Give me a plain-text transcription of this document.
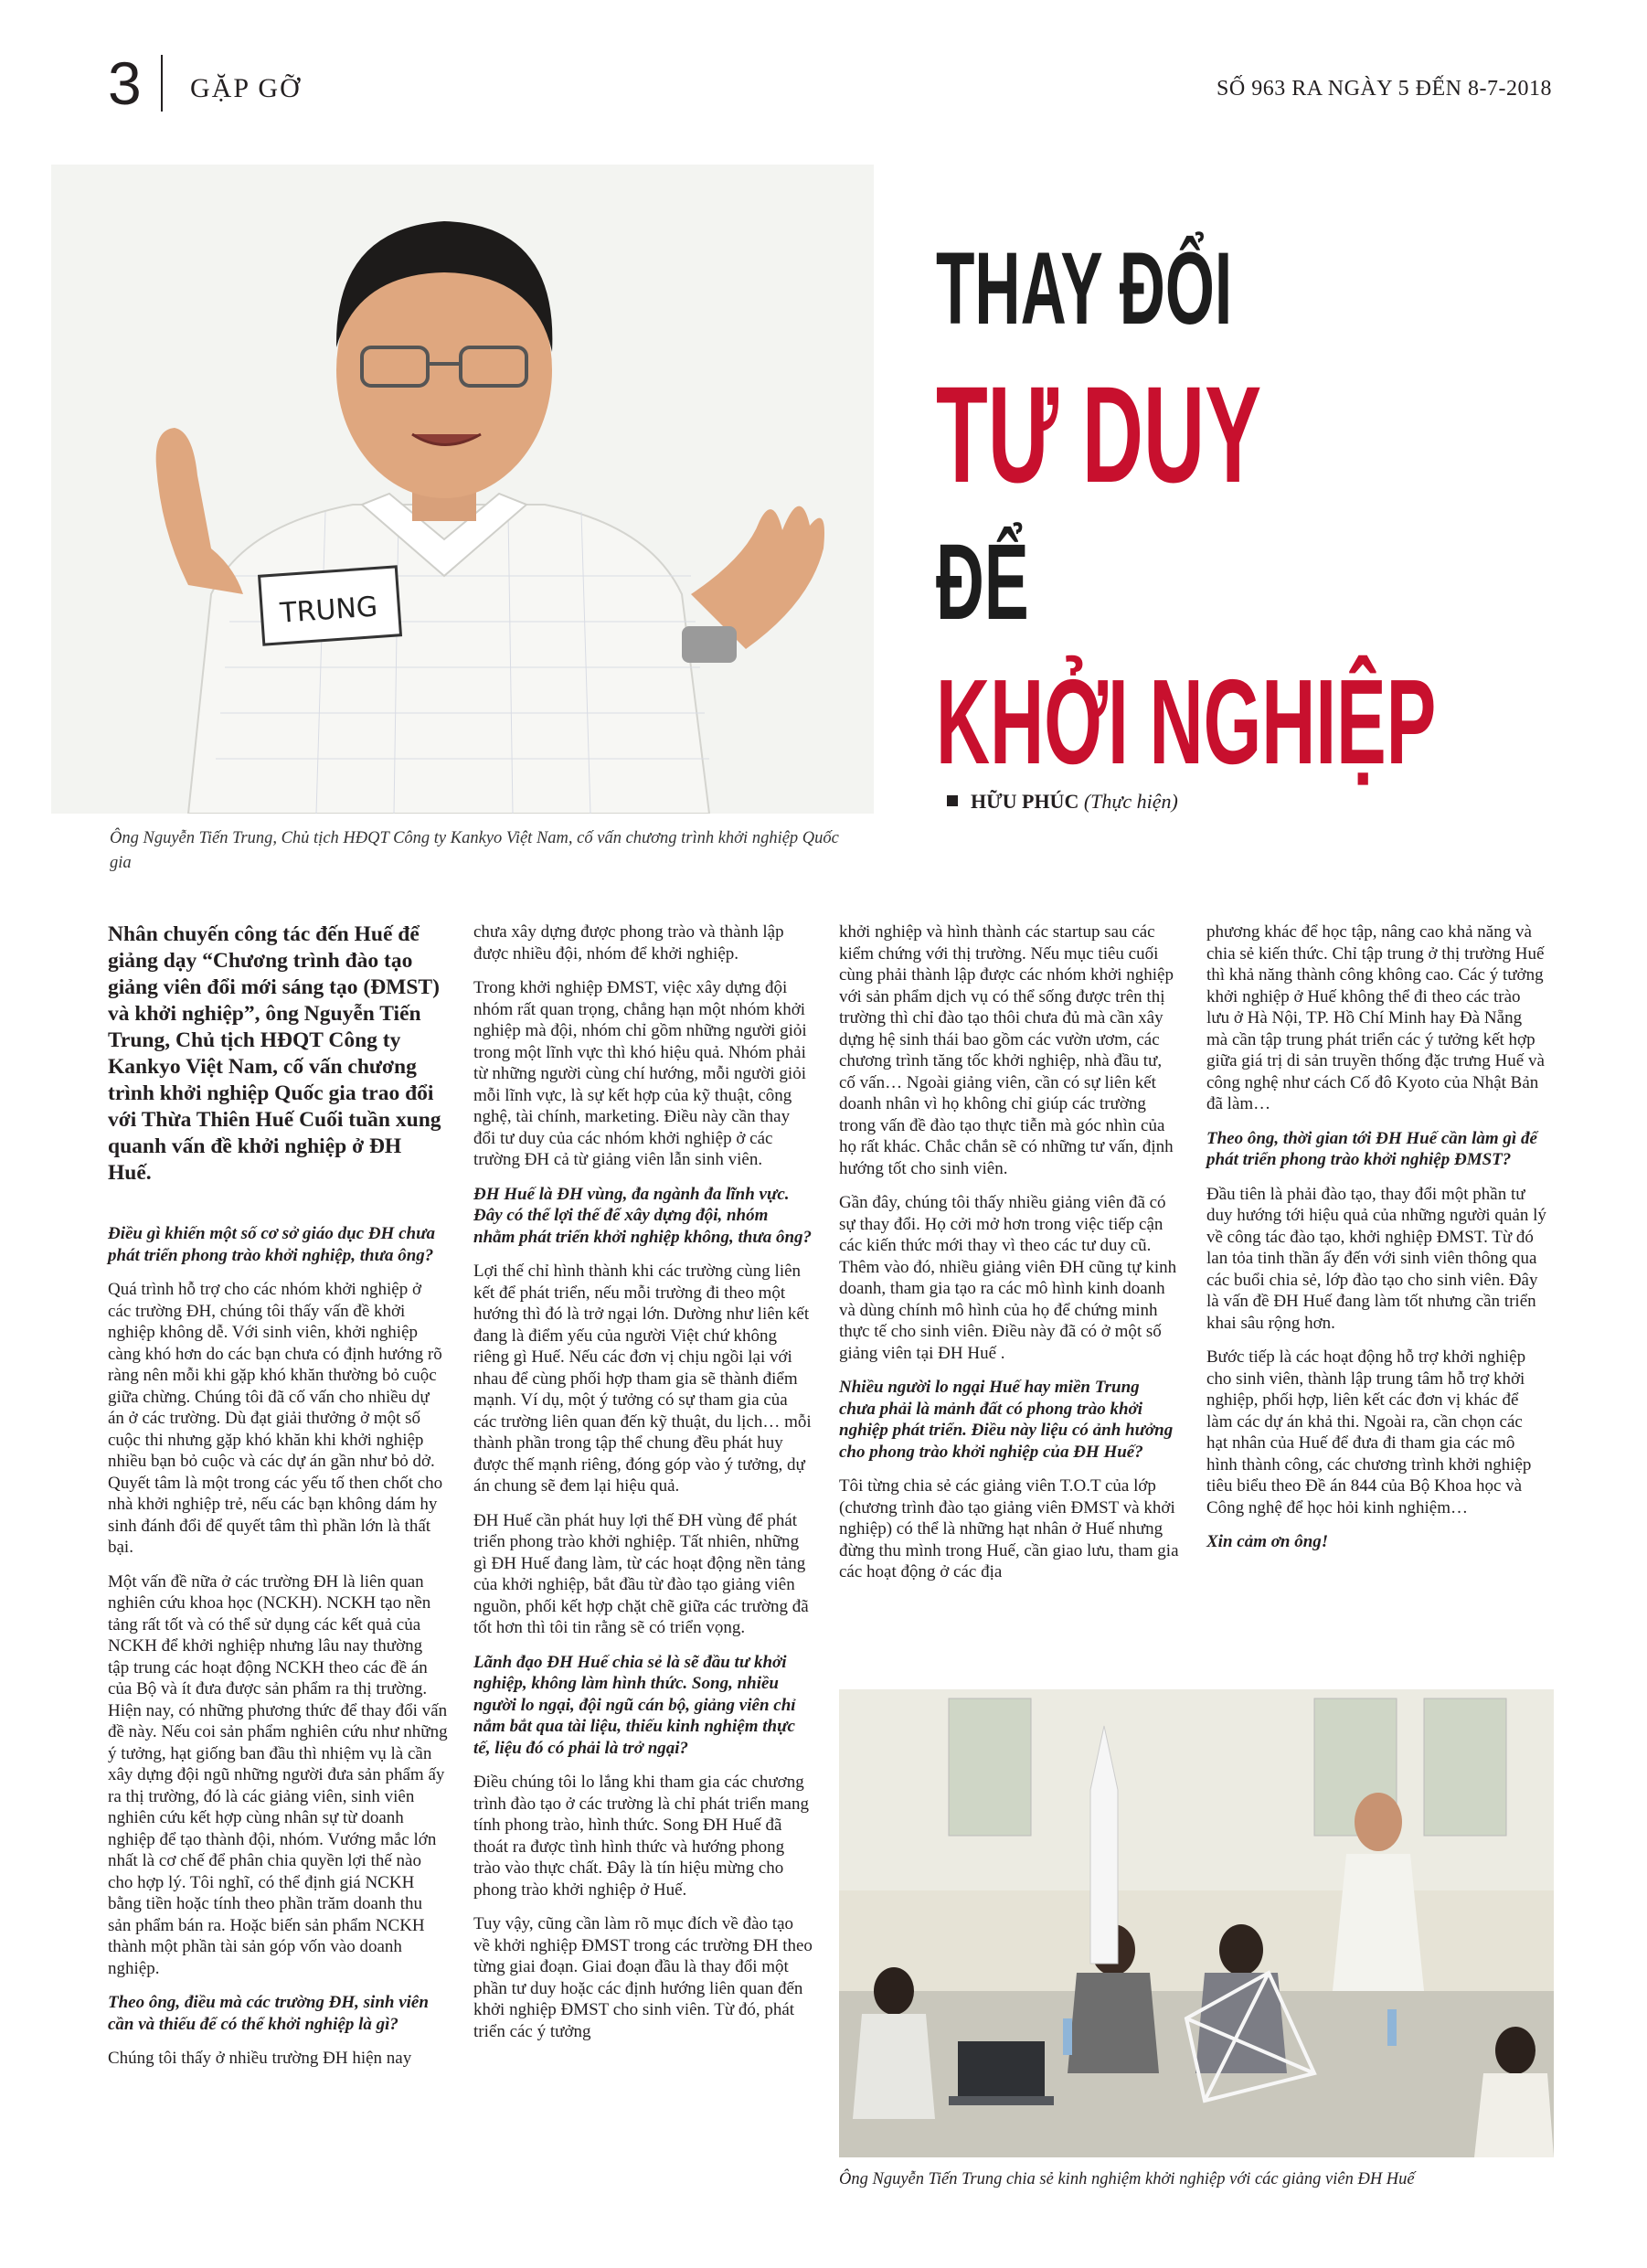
3 GẶP GỠ	SỐ 963 RA NGÀY 5 ĐẾN 8-7-2018
TRUNG
Ông Nguyễn Tiến Trung, Chủ tịch HĐQT Công ty Kankyo Việt Nam, cố vấn chương trình khởi nghiệp Quốc gia
THAY ĐỔI
TƯ DUY
ĐỂ
KHỞI NGHIỆP
HỮU PHÚC (Thực hiện)

Nhân chuyến công tác đến Huế để giảng dạy “Chương trình đào tạo giảng viên đổi mới sáng tạo (ĐMST) và khởi nghiệp”, ông Nguyễn Tiến Trung, Chủ tịch HĐQT Công ty Kankyo Việt Nam, cố vấn chương trình khởi nghiệp Quốc gia trao đổi với Thừa Thiên Huế Cuối tuần xung quanh vấn đề khởi nghiệp ở ĐH Huế.

Điều gì khiến một số cơ sở giáo dục ĐH chưa phát triển phong trào khởi nghiệp, thưa ông?

Quá trình hỗ trợ cho các nhóm khởi nghiệp ở các trường ĐH, chúng tôi thấy vấn đề khởi nghiệp không dễ. Với sinh viên, khởi nghiệp càng khó hơn do các bạn chưa có định hướng rõ ràng nên mỗi khi gặp khó khăn thường bỏ cuộc giữa chừng. Chúng tôi đã cố vấn cho nhiều dự án ở các trường. Dù đạt giải thưởng ở một số cuộc thi nhưng gặp khó khăn khi khởi nghiệp nhiều bạn bỏ cuộc và các dự án gần như bỏ dở. Quyết tâm là một trong các yếu tố then chốt cho nhà khởi nghiệp trẻ, nếu các bạn không dám hy sinh đánh đổi để quyết tâm thì phần lớn là thất bại.

Một vấn đề nữa ở các trường ĐH là liên quan nghiên cứu khoa học (NCKH). NCKH tạo nền tảng rất tốt và có thể sử dụng các kết quả của NCKH để khởi nghiệp nhưng lâu nay thường tập trung các hoạt động NCKH theo các đề án của Bộ và ít đưa được sản phẩm ra thị trường. Hiện nay, có những phương thức để thay đổi vấn đề này. Nếu coi sản phẩm nghiên cứu như những ý tưởng, hạt giống ban đầu thì nhiệm vụ là cần xây dựng đội ngũ những người đưa sản phẩm ấy ra thị trường, đó là các giảng viên, sinh viên nghiên cứu kết hợp cùng nhân sự từ doanh nghiệp để tạo thành đội, nhóm. Vướng mắc lớn nhất là cơ chế để phân chia quyền lợi thế nào cho hợp lý. Tôi nghĩ, có thể định giá NCKH bằng tiền hoặc tính theo phần trăm doanh thu sản phẩm bán ra. Hoặc biến sản phẩm NCKH thành một phần tài sản góp vốn vào doanh nghiệp.

Theo ông, điều mà các trường ĐH, sinh viên cần và thiếu để có thể khởi nghiệp là gì?

Chúng tôi thấy ở nhiều trường ĐH hiện nay

chưa xây dựng được phong trào và thành lập được nhiều đội, nhóm để khởi nghiệp.

Trong khởi nghiệp ĐMST, việc xây dựng đội nhóm rất quan trọng, chẳng hạn một nhóm khởi nghiệp mà đội, nhóm chỉ gồm những người giỏi trong một lĩnh vực thì khó hiệu quả. Nhóm phải từ những người cùng chí hướng, mỗi người giỏi mỗi lĩnh vực, là sự kết hợp của kỹ thuật, công nghệ, tài chính, marketing. Điều này cần thay đổi tư duy của các nhóm khởi nghiệp ở các trường ĐH cả từ giảng viên lẫn sinh viên.

ĐH Huế là ĐH vùng, đa ngành đa lĩnh vực. Đây có thể lợi thế để xây dựng đội, nhóm nhằm phát triển khởi nghiệp không, thưa ông?

Lợi thế chỉ hình thành khi các trường cùng liên kết để phát triển, nếu mỗi trường đi theo một hướng thì đó là trở ngại lớn. Dường như liên kết đang là điểm yếu của người Việt chứ không riêng gì Huế. Nếu các đơn vị chịu ngồi lại với nhau để cùng phối hợp tham gia sẽ thành điểm mạnh. Ví dụ, một ý tưởng có sự tham gia của các trường liên quan đến kỹ thuật, du lịch… mỗi thành phần trong tập thể chung đều phát huy được thế mạnh riêng, đóng góp vào ý tưởng, dự án chung sẽ đem lại hiệu quả.

ĐH Huế cần phát huy lợi thế ĐH vùng để phát triển phong trào khởi nghiệp. Tất nhiên, những gì ĐH Huế đang làm, từ các hoạt động nền tảng của khởi nghiệp, bắt đầu từ đào tạo giảng viên nguồn, phối kết hợp chặt chẽ giữa các trường đã tốt hơn thì tôi tin rằng sẽ có triển vọng.

Lãnh đạo ĐH Huế chia sẻ là sẽ đầu tư khởi nghiệp, không làm hình thức. Song, nhiều người lo ngại, đội ngũ cán bộ, giảng viên chỉ nắm bắt qua tài liệu, thiếu kinh nghiệm thực tế, liệu đó có phải là trở ngại?

Điều chúng tôi lo lắng khi tham gia các chương trình đào tạo ở các trường là chỉ phát triển mang tính phong trào, hình thức. Song ĐH Huế đã thoát ra được tình hình thức và hướng phong trào vào thực chất. Đây là tín hiệu mừng cho phong trào khởi nghiệp ở Huế.

Tuy vậy, cũng cần làm rõ mục đích về đào tạo về khởi nghiệp ĐMST trong các trường ĐH theo từng giai đoạn. Giai đoạn đầu là thay đổi một phần tư duy hoặc các định hướng liên quan đến khởi nghiệp ĐMST cho sinh viên. Từ đó, phát triển các ý tưởng

khởi nghiệp và hình thành các startup sau các kiểm chứng với thị trường. Nếu mục tiêu cuối cùng phải thành lập được các nhóm khởi nghiệp với sản phẩm dịch vụ có thể sống được trên thị trường thì chỉ đào tạo thôi chưa đủ mà cần xây dựng hệ sinh thái bao gồm các vườn ươm, các chương trình tăng tốc khởi nghiệp, nhà đầu tư, cố vấn… Ngoài giảng viên, cần có sự liên kết doanh nhân vì họ không chỉ giúp các trường trong vấn đề đào tạo thực tiễn mà góc nhìn của họ rất khác. Chắc chắn sẽ có những tư vấn, định hướng tốt cho sinh viên.

Gần đây, chúng tôi thấy nhiều giảng viên đã có sự thay đổi. Họ cởi mở hơn trong việc tiếp cận các kiến thức mới thay vì theo các tư duy cũ. Thêm vào đó, nhiều giảng viên ĐH cũng tự kinh doanh, tham gia tạo ra các mô hình kinh doanh và dùng chính mô hình của họ để chứng minh thực tế cho sinh viên. Điều này đã có ở một số giảng viên tại ĐH Huế .

Nhiều người lo ngại Huế hay miền Trung chưa phải là mảnh đất có phong trào khởi nghiệp phát triển. Điều này liệu có ảnh hưởng cho phong trào khởi nghiệp của ĐH Huế?

Tôi từng chia sẻ các giảng viên T.O.T của lớp (chương trình đào tạo giảng viên ĐMST và khởi nghiệp) có thể là những hạt nhân ở Huế nhưng đừng thu mình trong Huế, cần giao lưu, tham gia các hoạt động ở các địa

phương khác để học tập, nâng cao khả năng và chia sẻ kiến thức. Chỉ tập trung ở thị trường Huế thì khả năng thành công không cao. Các ý tưởng khởi nghiệp ở Huế không thể đi theo các trào lưu ở Hà Nội, TP. Hồ Chí Minh hay Đà Nẵng mà cần tập trung phát triển các ý tưởng kết hợp giữa giá trị di sản truyền thống đặc trưng Huế và công nghệ như cách Cố đô Kyoto của Nhật Bản đã làm…

Theo ông, thời gian tới ĐH Huế cần làm gì để phát triển phong trào khởi nghiệp ĐMST?

Đầu tiên là phải đào tạo, thay đổi một phần tư duy hướng tới hiệu quả của những người quản lý về công tác đào tạo, khởi nghiệp ĐMST. Từ đó lan tỏa tinh thần ấy đến với sinh viên thông qua các buổi chia sẻ, lớp đào tạo cho sinh viên. Đây là vấn đề ĐH Huế đang làm tốt nhưng cần triển khai sâu rộng hơn.

Bước tiếp là các hoạt động hỗ trợ khởi nghiệp cho sinh viên, thành lập trung tâm hỗ trợ khởi nghiệp, phối hợp, liên kết các đơn vị khác để làm các dự án khả thi. Ngoài ra, cần chọn các hạt nhân của Huế để đưa đi tham gia các mô hình thành công, các chương trình khởi nghiệp tiêu biểu theo Đề án 844 của Bộ Khoa học và Công nghệ để học hỏi kinh nghiệm…

Xin cảm ơn ông!

Ông Nguyễn Tiến Trung chia sẻ kinh nghiệm khởi nghiệp với các giảng viên ĐH Huế
